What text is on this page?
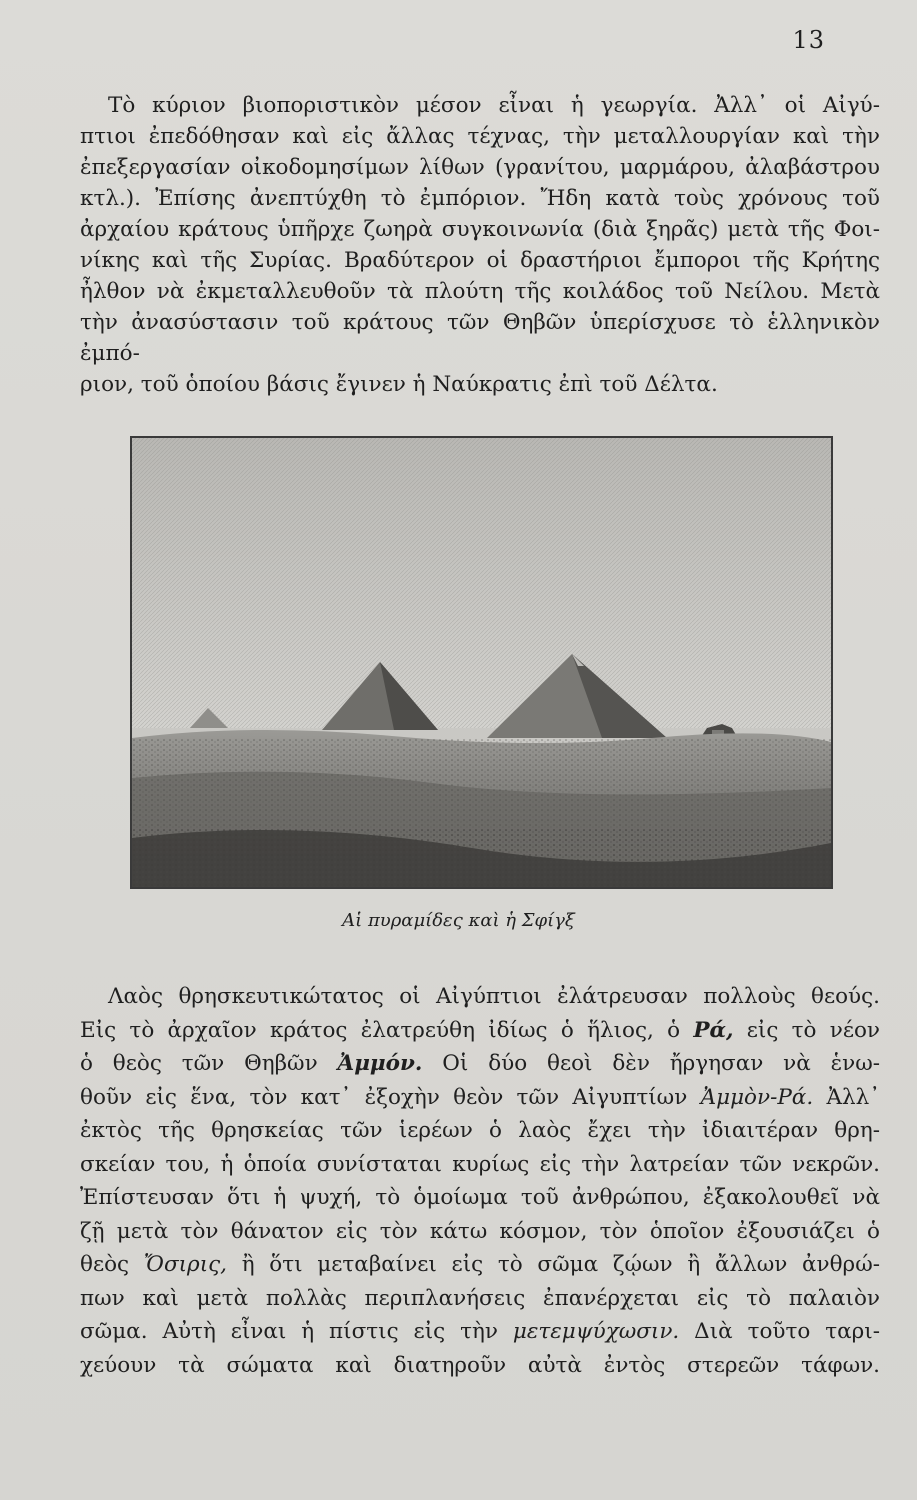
13
Τὸ κύριον βιοποριστικὸν μέσον εἶναι ἡ γεωργία. Ἀλλ᾽ οἱ Αἰγύ-
πτιοι ἐπεδόθησαν καὶ εἰς ἄλλας τέχνας, τὴν μεταλλουργίαν καὶ τὴν
ἐπεξεργασίαν οἰκοδομησίμων λίθων (γρανίτου, μαρμάρου, ἀλαβάστρου
κτλ.). Ἐπίσης ἀνεπτύχθη τὸ ἐμπόριον. Ἤδη κατὰ τοὺς χρόνους τοῦ
ἀρχαίου κράτους ὑπῆρχε ζωηρὰ συγκοινωνία (διὰ ξηρᾶς) μετὰ τῆς Φοι-
νίκης καὶ τῆς Συρίας. Βραδύτερον οἱ δραστήριοι ἔμποροι τῆς Κρήτης
ἦλθον νὰ ἐκμεταλλευθοῦν τὰ πλούτη τῆς κοιλάδος τοῦ Νείλου. Μετὰ
τὴν ἀνασύστασιν τοῦ κράτους τῶν Θηβῶν ὑπερίσχυσε τὸ ἑλληνικὸν ἐμπό-
ριον, τοῦ ὁποίου βάσις ἔγινεν ἡ Ναύκρατις ἐπὶ τοῦ Δέλτα.
Αἱ πυραμίδες καὶ ἡ Σφίγξ
Λαὸς θρησκευτικώτατος οἱ Αἰγύπτιοι ἐλάτρευσαν πολλοὺς θεούς.
Εἰς τὸ ἀρχαῖον κράτος ἐλατρεύθη ἰδίως ὁ ἥλιος, ὁ Ρά, εἰς τὸ νέον
ὁ θεὸς τῶν Θηβῶν Ἀμμόν. Οἱ δύο θεοὶ δὲν ἤργησαν νὰ ἑνω-
θοῦν εἰς ἕνα, τὸν κατ᾽ ἐξοχὴν θεὸν τῶν Αἰγυπτίων Ἀμμὸν-Ρά. Ἀλλ᾽
ἐκτὸς τῆς θρησκείας τῶν ἱερέων ὁ λαὸς ἔχει τὴν ἰδιαιτέραν θρη-
σκείαν του, ἡ ὁποία συνίσταται κυρίως εἰς τὴν λατρείαν τῶν νεκρῶν.
Ἐπίστευσαν ὅτι ἡ ψυχή, τὸ ὁμοίωμα τοῦ ἀνθρώπου, ἐξακολουθεῖ νὰ
ζῇ μετὰ τὸν θάνατον εἰς τὸν κάτω κόσμον, τὸν ὁποῖον ἐξουσιάζει ὁ
θεὸς Ὄσιρις, ἢ ὅτι μεταβαίνει εἰς τὸ σῶμα ζῴων ἢ ἄλλων ἀνθρώ-
πων καὶ μετὰ πολλὰς περιπλανήσεις ἐπανέρχεται εἰς τὸ παλαιὸν
σῶμα. Αὐτὴ εἶναι ἡ πίστις εἰς τὴν μετεμψύχωσιν. Διὰ τοῦτο ταρι-
χεύουν τὰ σώματα καὶ διατηροῦν αὐτὰ ἐντὸς στερεῶν τάφων.
